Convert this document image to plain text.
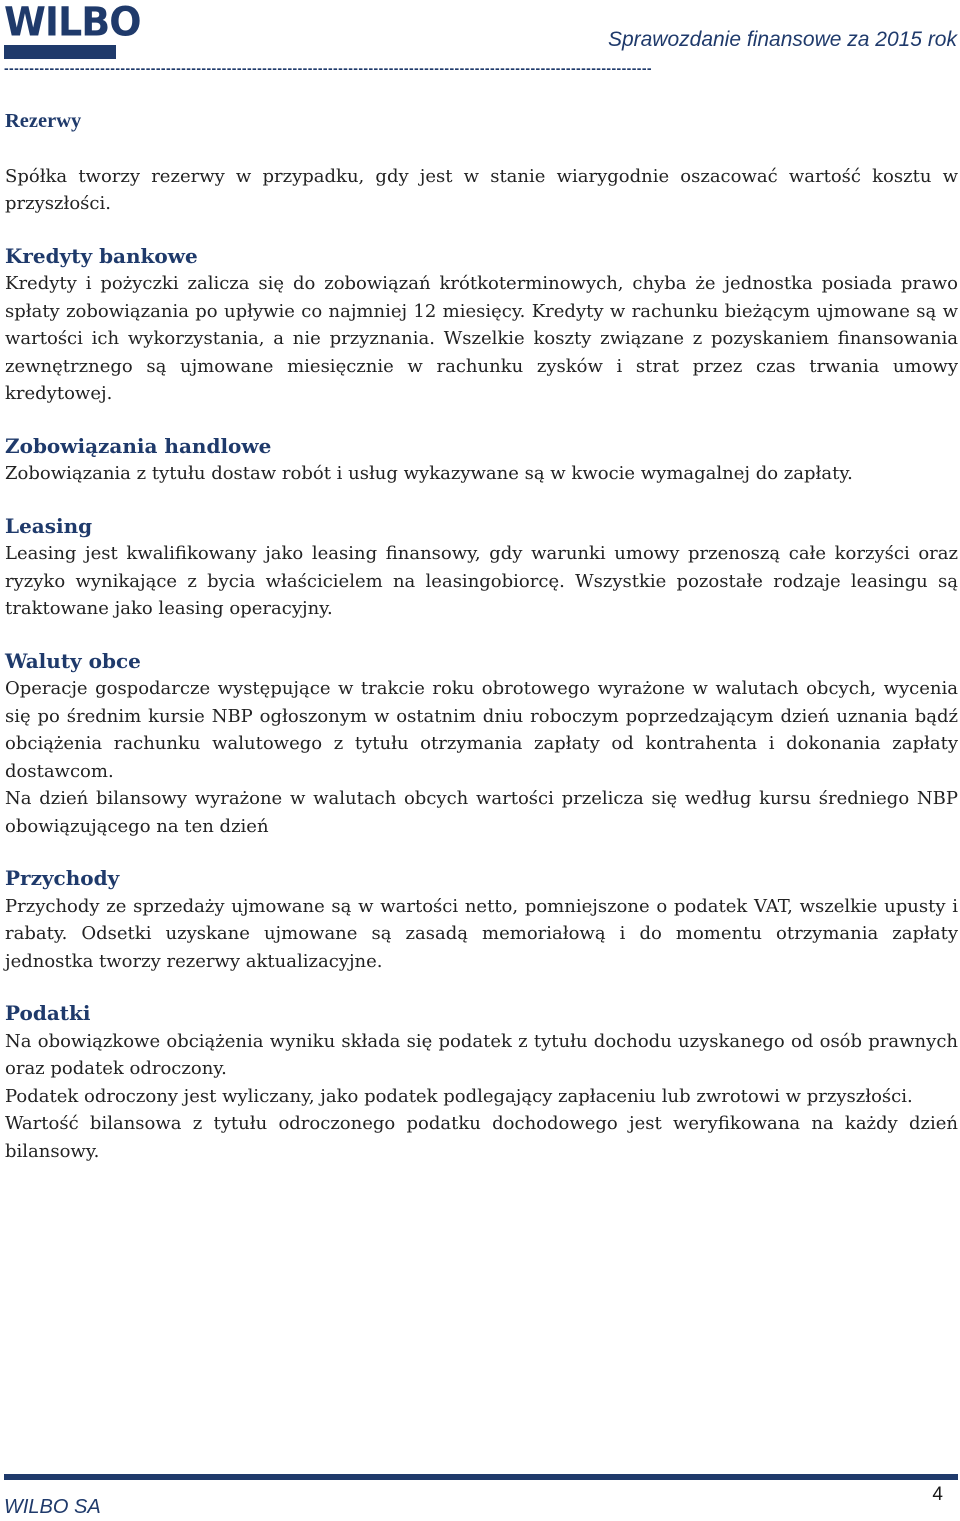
WILBO	Sprawozdanie finansowe za 2015 rok
--------------------------------------------------------------------------------------------------------------------------------

Rezerwy

Spółka tworzy rezerwy w przypadku, gdy jest w stanie wiarygodnie oszacować wartość kosztu w przyszłości.

Kredyty bankowe

Kredyty i pożyczki zalicza się do zobowiązań krótkoterminowych, chyba że jednostka posiada prawo spłaty zobowiązania po upływie co najmniej 12 miesięcy. Kredyty w rachunku bieżącym ujmowane są w wartości ich wykorzystania, a nie przyznania. Wszelkie koszty związane z pozyskaniem finansowania zewnętrznego są ujmowane miesięcznie w rachunku zysków i strat przez czas trwania umowy kredytowej.

Zobowiązania handlowe

Zobowiązania z tytułu dostaw robót i usług wykazywane są w kwocie wymagalnej do zapłaty.

Leasing

Leasing jest kwalifikowany jako leasing finansowy, gdy warunki umowy przenoszą całe korzyści oraz ryzyko wynikające z bycia właścicielem na leasingobiorcę. Wszystkie pozostałe rodzaje leasingu są traktowane jako leasing operacyjny.

Waluty obce

Operacje gospodarcze występujące w trakcie roku obrotowego wyrażone w walutach obcych, wycenia się po średnim kursie NBP ogłoszonym w ostatnim dniu roboczym poprzedzającym dzień uznania bądź obciążenia rachunku walutowego z tytułu otrzymania zapłaty od kontrahenta i dokonania zapłaty dostawcom.

Na dzień bilansowy wyrażone w walutach obcych wartości przelicza się według kursu średniego NBP obowiązującego na ten dzień

Przychody

Przychody ze sprzedaży ujmowane są w wartości netto, pomniejszone o podatek VAT, wszelkie upusty i rabaty. Odsetki uzyskane ujmowane są zasadą memoriałową i do momentu otrzymania zapłaty jednostka tworzy rezerwy aktualizacyjne.

Podatki

Na obowiązkowe obciążenia wyniku składa się podatek z tytułu dochodu uzyskanego od osób prawnych oraz podatek odroczony.

Podatek odroczony jest wyliczany, jako podatek podlegający zapłaceniu lub zwrotowi w przyszłości.

Wartość bilansowa z tytułu odroczonego podatku dochodowego jest weryfikowana na każdy dzień bilansowy.

WILBO SA
4
